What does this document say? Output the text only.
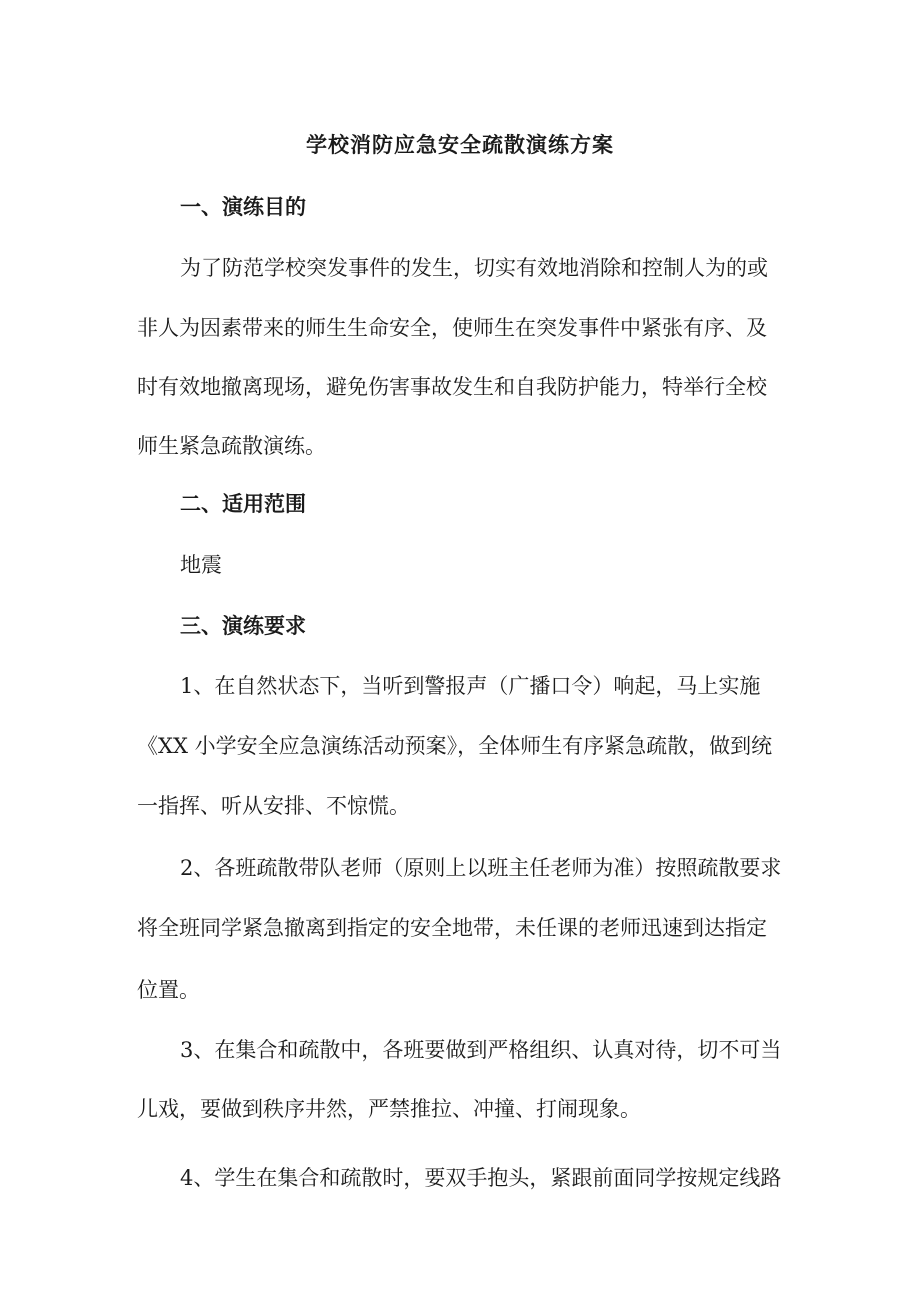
学校消防应急安全疏散演练方案
一、演练目的
为了防范学校突发事件的发生，切实有效地消除和控制人为的或
非人为因素带来的师生生命安全，使师生在突发事件中紧张有序、及
时有效地撤离现场，避免伤害事故发生和自我防护能力，特举行全校
师生紧急疏散演练。
二、适用范围
地震
三、演练要求
1、在自然状态下，当听到警报声（广播口令）响起，马上实施
《XX 小学安全应急演练活动预案》，全体师生有序紧急疏散，做到统
一指挥、听从安排、不惊慌。
2、各班疏散带队老师（原则上以班主任老师为准）按照疏散要求
将全班同学紧急撤离到指定的安全地带，未任课的老师迅速到达指定
位置。
3、在集合和疏散中，各班要做到严格组织、认真对待，切不可当
儿戏，要做到秩序井然，严禁推拉、冲撞、打闹现象。
4、学生在集合和疏散时，要双手抱头，紧跟前面同学按规定线路
